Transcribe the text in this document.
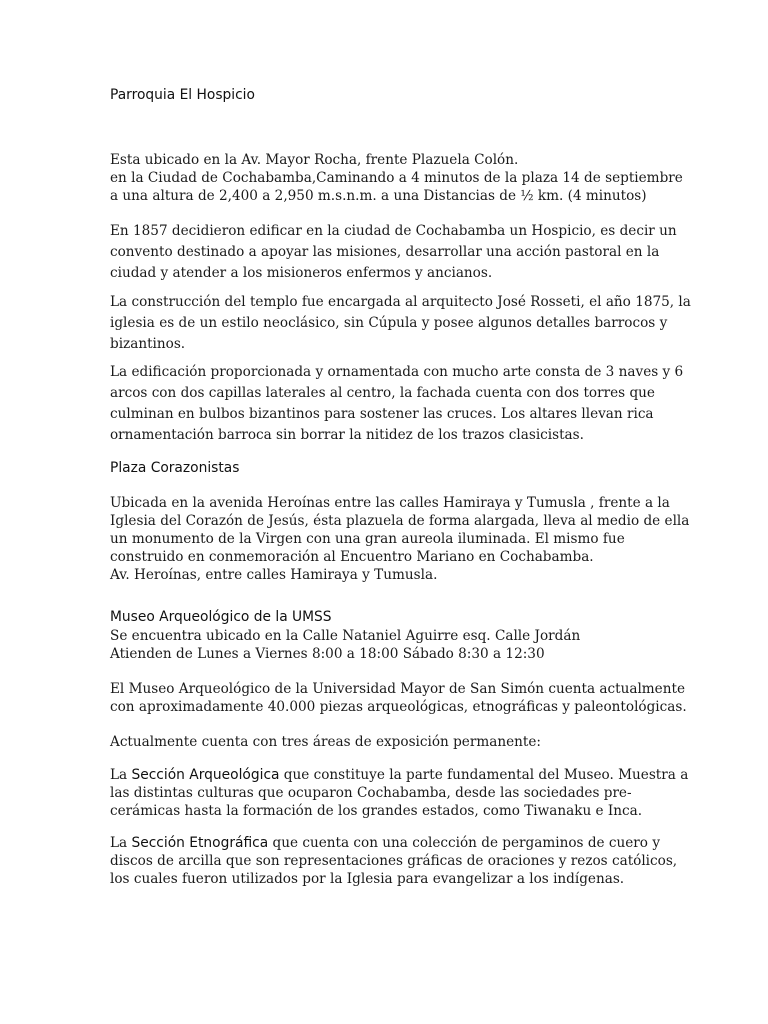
Parroquia El Hospicio
Esta ubicado en la Av. Mayor Rocha, frente Plazuela Colón.
en la Ciudad de Cochabamba,Caminando a 4 minutos de la plaza 14 de septiembre
a una altura de 2,400 a 2,950 m.s.n.m. a una Distancias de ½ km. (4 minutos)
En 1857 decidieron edificar en la ciudad de Cochabamba un Hospicio, es decir un
convento destinado a apoyar las misiones, desarrollar una acción pastoral en la
ciudad y atender a los misioneros enfermos y ancianos.
La construcción del templo fue encargada al arquitecto José Rosseti, el año 1875, la
iglesia es de un estilo neoclásico, sin Cúpula y posee algunos detalles barrocos y
bizantinos.
La edificación proporcionada y ornamentada con mucho arte consta de 3 naves y 6
arcos con dos capillas laterales al centro, la fachada cuenta con dos torres que
culminan en bulbos bizantinos para sostener las cruces. Los altares llevan rica
ornamentación barroca sin borrar la nitidez de los trazos clasicistas.
Plaza Corazonistas
Ubicada en la avenida Heroínas entre las calles Hamiraya y Tumusla , frente a la
Iglesia del Corazón de Jesús, ésta plazuela de forma alargada, lleva al medio de ella
un monumento de la Virgen con una gran aureola iluminada. El mismo fue
construido en conmemoración al Encuentro Mariano en Cochabamba.
Av. Heroínas, entre calles Hamiraya y Tumusla.
Museo Arqueológico de la UMSS
Se encuentra ubicado en la Calle Nataniel Aguirre esq. Calle Jordán
Atienden de Lunes a Viernes 8:00 a 18:00 Sábado 8:30 a 12:30
El Museo Arqueológico de la Universidad Mayor de San Simón cuenta actualmente
con aproximadamente 40.000 piezas arqueológicas, etnográficas y paleontológicas.
Actualmente cuenta con tres áreas de exposición permanente:
La Sección Arqueológica que constituye la parte fundamental del Museo. Muestra a
las distintas culturas que ocuparon Cochabamba, desde las sociedades pre-
cerámicas hasta la formación de los grandes estados, como Tiwanaku e Inca.
La Sección Etnográfica que cuenta con una colección de pergaminos de cuero y
discos de arcilla que son representaciones gráficas de oraciones y rezos católicos,
los cuales fueron utilizados por la Iglesia para evangelizar a los indígenas.
